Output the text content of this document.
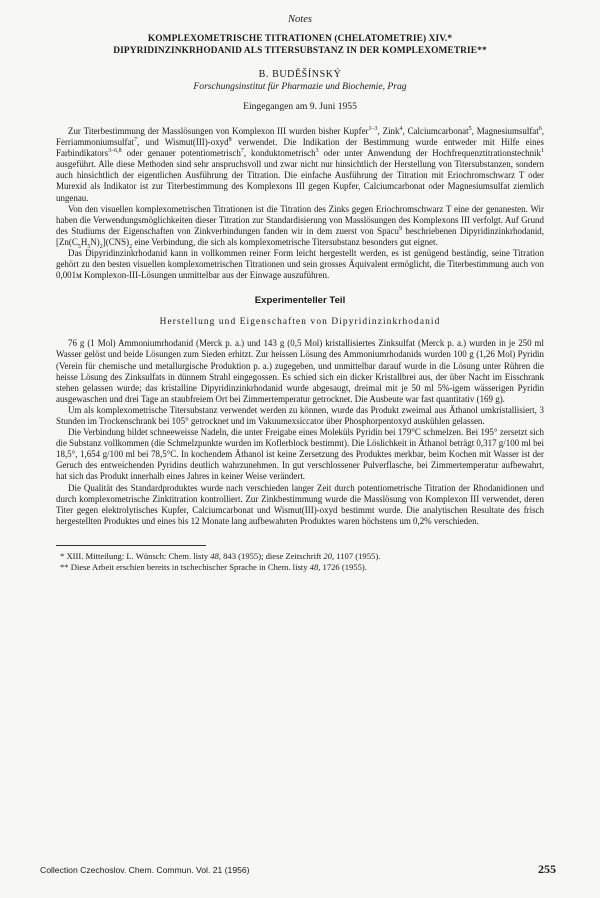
Notes
KOMPLEXOMETRISCHE TITRATIONEN (CHELATOMETRIE) XIV.*
DIPYRIDINZINKRHODANID ALS TITERSUBSTANZ IN DER KOMPLEXOMETRIE**
B. BUDĚŠÍNSKÝ
Forschungsinstitut für Pharmazie und Biochemie, Prag
Eingegangen am 9. Juni 1955

Zur Titerbestimmung der Masslösungen von Komplexon III wurden bisher Kupfer$^{1-3}$, Zink$^4$, Calciumcarbonat$^5$, Magnesiumsulfat$^6$, Ferriammoniumsulfat$^7$, und Wismut(III)-oxyd$^8$ verwendet. Die Indikation der Bestimmung wurde entweder mit Hilfe eines Farbindikators$^{3-6,8}$ oder genauer potentiometrisch$^7$, konduktometrisch$^3$ oder unter Anwendung der Hochfrequenztitrationstechnik$^1$ ausgeführt. Alle diese Methoden sind sehr anspruchsvoll und zwar nicht nur hinsichtlich der Herstellung von Titersubstanzen, sondern auch hinsichtlich der eigentlichen Ausführung der Titration. Die einfache Ausführung der Titration mit Eriochromschwarz T oder Murexid als Indikator ist zur Titerbestimmung des Komplexons III gegen Kupfer, Calciumcarbonat oder Magnesiumsulfat ziemlich ungenau.

Von den visuellen komplexometrischen Titrationen ist die Titration des Zinks gegen Eriochromschwarz T eine der genanesten. Wir haben die Verwendungsmöglichkeiten dieser Titration zur Standardisierung von Masslösungen des Komplexons III verfolgt. Auf Grund des Studiums der Eigenschaften von Zinkverbindungen fanden wir in dem zuerst von Spacu$^9$ beschriebenen Dipyridinzinkrhodanid, $[Zn(C_5H_5N)_2](CNS)_2$ eine Verbindung, die sich als komplexometrische Titersubstanz besonders gut eignet.

Das Dipyridinzinkrhodanid kann in vollkommen reiner Form leicht hergestellt werden, es ist genügend beständig, seine Titration gehört zu den besten visuellen komplexometrischen Titrationen und sein grosses Äquivalent ermöglicht, die Titerbestimmung auch von 0,001м Komplexon-III-Lösungen unmittelbar aus der Einwage auszuführen.

Experimenteller Teil
Herstellung und Eigenschaften von Dipyridinzinkrhodanid

76 g (1 Mol) Ammoniumrhodanid (Merck p. a.) und 143 g (0,5 Mol) kristallisiertes Zinksulfat (Merck p. a.) wurden in je 250 ml Wasser gelöst und beide Lösungen zum Sieden erhitzt. Zur heissen Lösung des Ammoniumrhodanids wurden 100 g (1,26 Mol) Pyridin (Verein für chemische und metallurgische Produktion p. a.) zugegeben, und unmittelbar darauf wurde in die Lösung unter Rühren die heisse Lösung des Zinksulfats in dünnem Strahl eingegossen. Es schied sich ein dicker Kristallbrei aus, der über Nacht im Eisschrank stehen gelassen wurde; das kristalline Dipyridinzinkrhodanid wurde abgesaugt, dreimal mit je 50 ml 5%-igem wässerigen Pyridin ausgewaschen und drei Tage an staubfreiem Ort bei Zimmertemperatur getrocknet. Die Ausbeute war fast quantitativ (169 g).

Um als komplexometrische Titersubstanz verwendet werden zu können, wurde das Produkt zweimal aus Äthanol umkristallisiert, 3 Stunden im Trockenschrank bei 105° getrocknet und im Vakuumexsiccator über Phosphorpentoxyd auskühlen gelassen.

Die Verbindung bildet schneeweisse Nadeln, die unter Freigabe eines Moleküls Pyridin bei 179°C schmelzen. Bei 195° zersetzt sich die Substanz vollkommen (die Schmelzpunkte wurden im Koflerblock bestimmt). Die Löslichkeit in Äthanol beträgt 0,317 g/100 ml bei 18,5°, 1,654 g/100 ml bei 78,5°C. In kochendem Äthanol ist keine Zersetzung des Produktes merkbar, beim Kochen mit Wasser ist der Geruch des entweichenden Pyridins deutlich wahrzunehmen. In gut verschlossener Pulverflasche, bei Zimmertemperatur aufbewahrt, hat sich das Produkt innerhalb eines Jahres in keiner Weise verändert.

Die Qualität des Standardproduktes wurde nach verschieden langer Zeit durch potentiometrische Titration der Rhodanidionen und durch komplexometrische Zinktitration kontrolliert. Zur Zinkbestimmung wurde die Masslösung von Komplexon III verwendet, deren Titer gegen elektrolytisches Kupfer, Calciumcarbonat und Wismut(III)-oxyd bestimmt wurde. Die analytischen Resultate des frisch hergestellten Produktes und eines bis 12 Monate lang aufbewahrten Produktes waren höchstens um 0,2% verschieden.

* XIII. Mitteilung: L. Wünsch: Chem. listy 48, 843 (1955); diese Zeitschrift 20, 1107 (1955).

** Diese Arbeit erschien bereits in tschechischer Sprache in Chem. listy 48, 1726 (1955).

Collection Czechoslov. Chem. Commun. Vol. 21 (1956)	255
